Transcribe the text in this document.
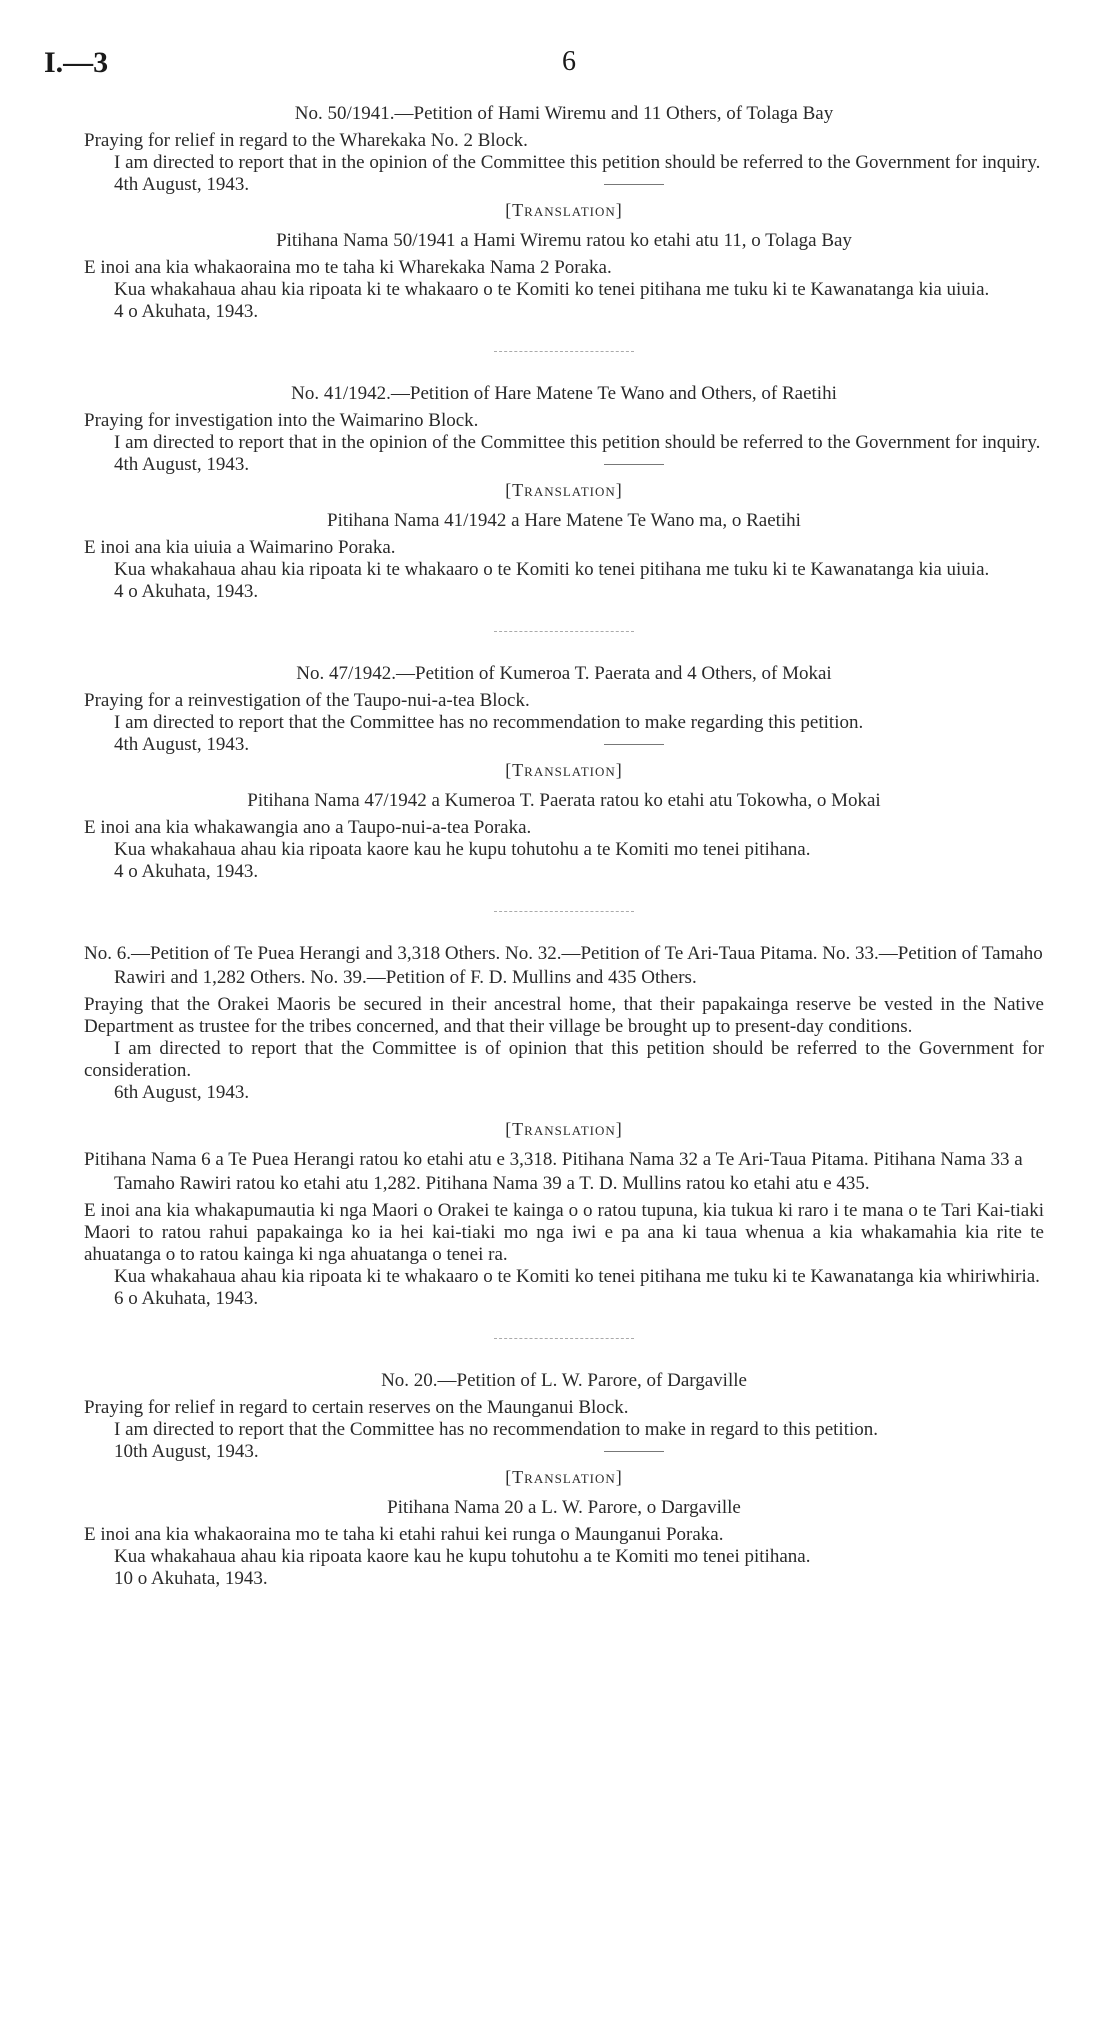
I.—3	6

No. 50/1941.—Petition of Hami Wiremu and 11 Others, of Tolaga Bay

Praying for relief in regard to the Wharekaka No. 2 Block.

I am directed to report that in the opinion of the Committee this petition should be referred to the Government for inquiry.

4th August, 1943.

[Translation]

Pitihana Nama 50/1941 a Hami Wiremu ratou ko etahi atu 11, o Tolaga Bay

E inoi ana kia whakaoraina mo te taha ki Wharekaka Nama 2 Poraka.

Kua whakahaua ahau kia ripoata ki te whakaaro o te Komiti ko tenei pitihana me tuku ki te Kawanatanga kia uiuia.

4 o Akuhata, 1943.

No. 41/1942.—Petition of Hare Matene Te Wano and Others, of Raetihi

Praying for investigation into the Waimarino Block.

I am directed to report that in the opinion of the Committee this petition should be referred to the Government for inquiry.

4th August, 1943.

[Translation]

Pitihana Nama 41/1942 a Hare Matene Te Wano ma, o Raetihi

E inoi ana kia uiuia a Waimarino Poraka.

Kua whakahaua ahau kia ripoata ki te whakaaro o te Komiti ko tenei pitihana me tuku ki te Kawanatanga kia uiuia.

4 o Akuhata, 1943.

No. 47/1942.—Petition of Kumeroa T. Paerata and 4 Others, of Mokai

Praying for a reinvestigation of the Taupo-nui-a-tea Block.

I am directed to report that the Committee has no recommendation to make regarding this petition.

4th August, 1943.

[Translation]

Pitihana Nama 47/1942 a Kumeroa T. Paerata ratou ko etahi atu Tokowha, o Mokai

E inoi ana kia whakawangia ano a Taupo-nui-a-tea Poraka.

Kua whakahaua ahau kia ripoata kaore kau he kupu tohutohu a te Komiti mo tenei pitihana.

4 o Akuhata, 1943.

No. 6.—Petition of Te Puea Herangi and 3,318 Others. No. 32.—Petition of Te Ari-Taua Pitama. No. 33.—Petition of Tamaho Rawiri and 1,282 Others. No. 39.—Petition of F. D. Mullins and 435 Others.

Praying that the Orakei Maoris be secured in their ancestral home, that their papakainga reserve be vested in the Native Department as trustee for the tribes concerned, and that their village be brought up to present-day conditions.

I am directed to report that the Committee is of opinion that this petition should be referred to the Government for consideration.

6th August, 1943.

[Translation]

Pitihana Nama 6 a Te Puea Herangi ratou ko etahi atu e 3,318. Pitihana Nama 32 a Te Ari-Taua Pitama. Pitihana Nama 33 a Tamaho Rawiri ratou ko etahi atu 1,282. Pitihana Nama 39 a T. D. Mullins ratou ko etahi atu e 435.

E inoi ana kia whakapumautia ki nga Maori o Orakei te kainga o o ratou tupuna, kia tukua ki raro i te mana o te Tari Kai-tiaki Maori to ratou rahui papakainga ko ia hei kai-tiaki mo nga iwi e pa ana ki taua whenua a kia whakamahia kia rite te ahuatanga o to ratou kainga ki nga ahuatanga o tenei ra.

Kua whakahaua ahau kia ripoata ki te whakaaro o te Komiti ko tenei pitihana me tuku ki te Kawanatanga kia whiriwhiria.

6 o Akuhata, 1943.

No. 20.—Petition of L. W. Parore, of Dargaville

Praying for relief in regard to certain reserves on the Maunganui Block.

I am directed to report that the Committee has no recommendation to make in regard to this petition.

10th August, 1943.

[Translation]

Pitihana Nama 20 a L. W. Parore, o Dargaville

E inoi ana kia whakaoraina mo te taha ki etahi rahui kei runga o Maunganui Poraka.

Kua whakahaua ahau kia ripoata kaore kau he kupu tohutohu a te Komiti mo tenei pitihana.

10 o Akuhata, 1943.
